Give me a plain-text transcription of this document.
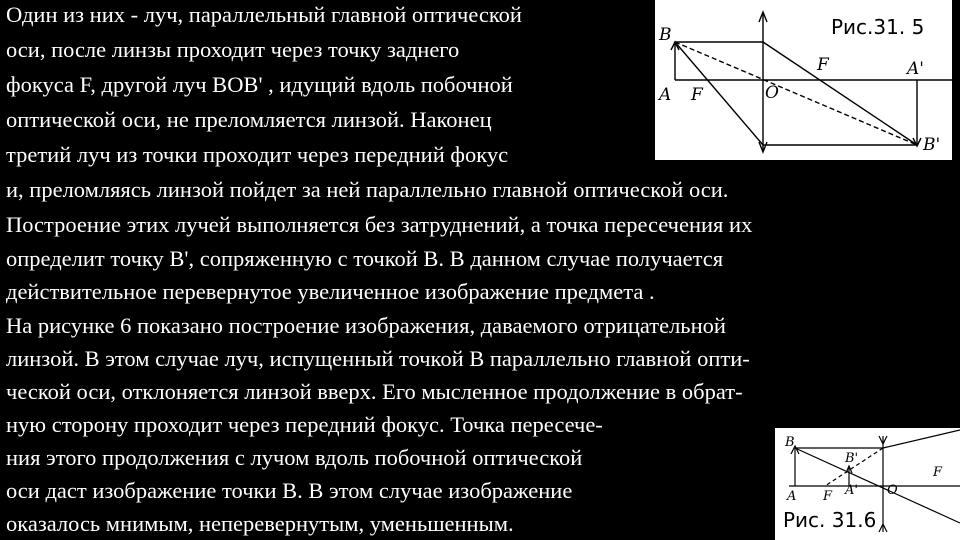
Один из них - луч, параллельный главной оптической
оси, после линзы проходит через точку заднего
фокуса F, другой луч BOB' , идущий вдоль побочной
оптической оси, не преломляется линзой. Наконец
третий луч из точки проходит через передний фокус
и, преломляясь линзой пойдет за ней параллельно главной оптической оси.
Построение этих лучей выполняется без затруднений, а точка пересечения их
определит точку B', сопряженную с точкой B. В данном случае получается
действительное перевернутое увеличенное изображение предмета .
На рисунке 6 показано построение изображения, даваемого отрицательной
линзой. В этом случае луч, испущенный точкой B параллельно главной опти-
ческой оси, отклоняется линзой вверх. Его мысленное продолжение в обрат-
ную сторону проходит через передний фокус. Точка пересече-
ния этого продолжения с лучом вдоль побочной оптической
оси даст изображение точки B. В этом случае изображение
оказалось мнимым, неперевернутым, уменьшенным.
B
A F	O
F	A'
B'
Рис.31. 5
B
B'
A F A' O
F
Рис. 31.6
